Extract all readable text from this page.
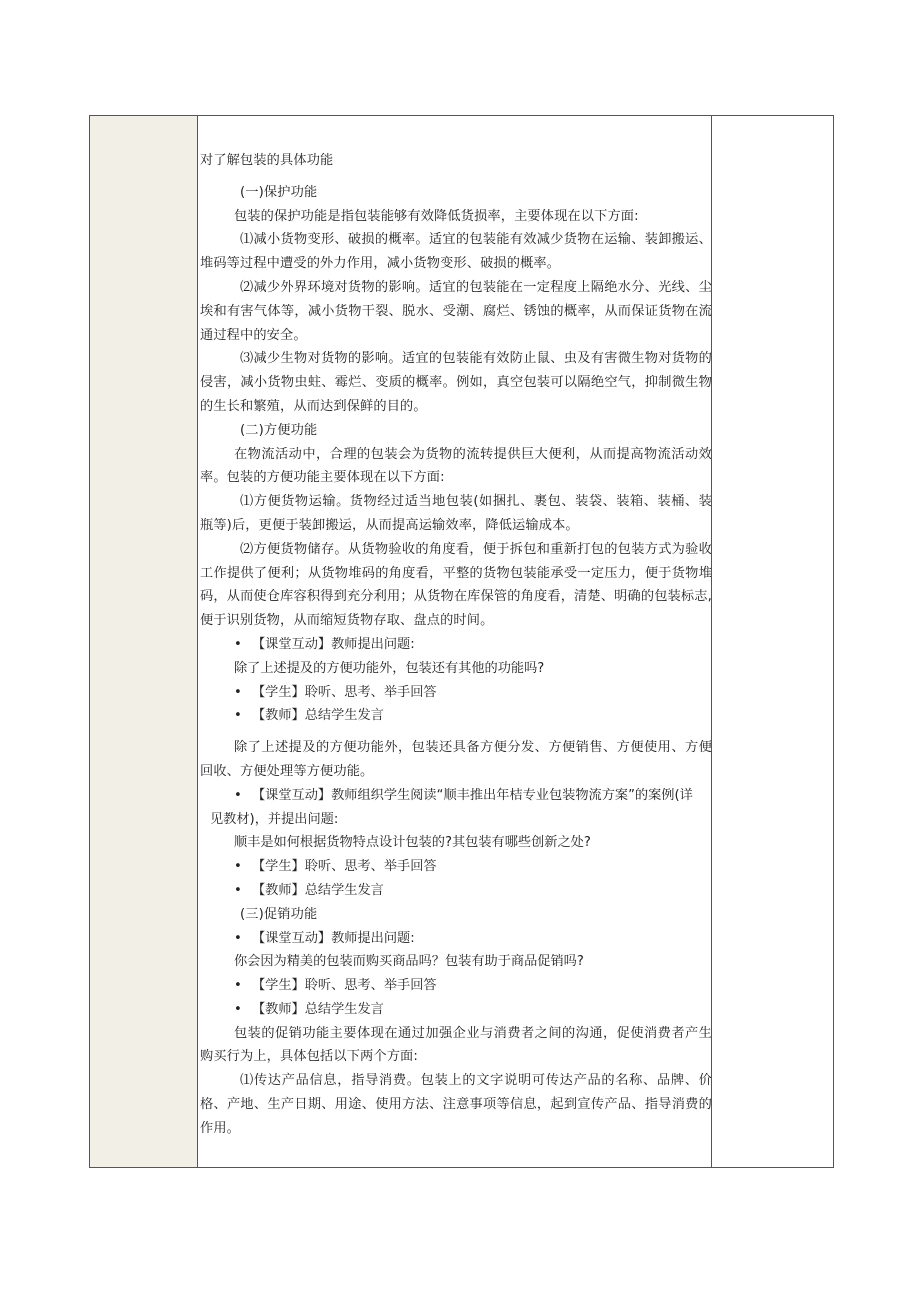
对了解包装的具体功能

(一)保护功能

包装的保护功能是指包装能够有效降低货损率，主要体现在以下方面:

⑴减小货物变形、破损的概率。适宜的包装能有效减少货物在运输、装卸搬运、堆码等过程中遭受的外力作用，减小货物变形、破损的概率。

⑵减少外界环境对货物的影响。适宜的包装能在一定程度上隔绝水分、光线、尘埃和有害气体等，减小货物干裂、脱水、受潮、腐烂、锈蚀的概率，从而保证货物在流通过程中的安全。

⑶减少生物对货物的影响。适宜的包装能有效防止鼠、虫及有害微生物对货物的侵害，减小货物虫蛀、霉烂、变质的概率。例如，真空包装可以隔绝空气，抑制微生物的生长和繁殖，从而达到保鲜的目的。

(二)方便功能

在物流活动中，合理的包装会为货物的流转提供巨大便利，从而提高物流活动效率。包装的方便功能主要体现在以下方面:

⑴方便货物运输。货物经过适当地包装(如捆扎、裹包、装袋、装箱、装桶、装瓶等)后，更便于装卸搬运，从而提高运输效率，降低运输成本。

⑵方便货物储存。从货物验收的角度看，便于拆包和重新打包的包装方式为验收工作提供了便利；从货物堆码的角度看，平整的货物包装能承受一定压力，便于货物堆码，从而使仓库容积得到充分利用；从货物在库保管的角度看，清楚、明确的包装标志,便于识别货物，从而缩短货物存取、盘点的时间。

• 【课堂互动】教师提出问题:

除了上述提及的方便功能外，包装还有其他的功能吗?

• 【学生】聆听、思考、举手回答

• 【教师】总结学生发言

除了上述提及的方便功能外，包装还具备方便分发、方便销售、方便使用、方便回收、方便处理等方便功能。

• 【课堂互动】教师组织学生阅读“顺丰推出年桔专业包装物流方案”的案例(详

见教材)，并提出问题:

顺丰是如何根据货物特点设计包装的?其包装有哪些创新之处?

• 【学生】聆听、思考、举手回答

• 【教师】总结学生发言

(三)促销功能

• 【课堂互动】教师提出问题:

你会因为精美的包装而购买商品吗？包装有助于商品促销吗?

• 【学生】聆听、思考、举手回答

• 【教师】总结学生发言

包装的促销功能主要体现在通过加强企业与消费者之间的沟通，促使消费者产生购买行为上，具体包括以下两个方面:

⑴传达产品信息，指导消费。包装上的文字说明可传达产品的名称、品牌、价格、产地、生产日期、用途、使用方法、注意事项等信息，起到宣传产品、指导消费的作用。
